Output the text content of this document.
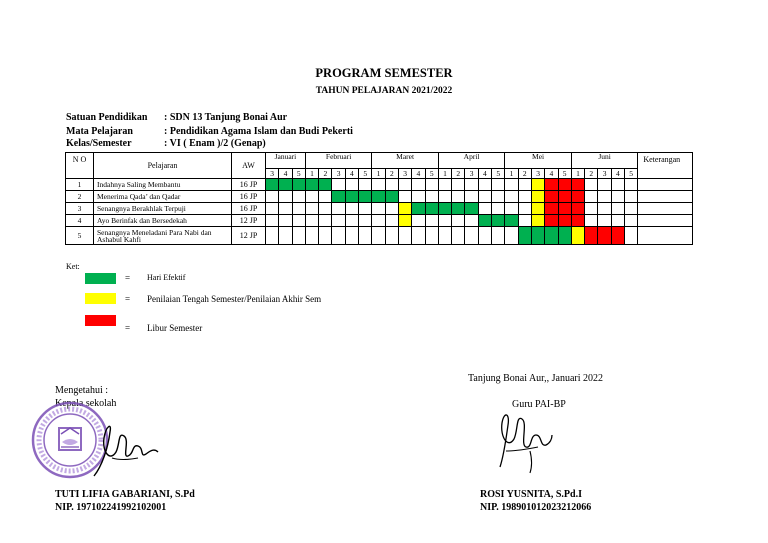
PROGRAM SEMESTER
TAHUN PELAJARAN 2021/2022
Satuan Pendidikan : SDN 13 Tanjung Bonai Aur
Mata Pelajaran	: Pendidikan Agama Islam dan Budi Pekerti
Kelas/Semester	: VI ( Enam )/2 (Genap)
N O	Pelajaran	AW	Januari			Februari					Maret					April					Mei					Juni					Keterangan
			3	4	5	1	2	3	4	5	1	2	3	4	5	1	2	3	4	5	1	2	3	4	5	1	2	3	4	5	
1	Indahnya Saling Membantu	16 JP																													
2	Menerima Qada’ dan Qadar	16 JP																													
3	Senangnya Berakhlak Terpuji	16 JP																													
4	Ayo Berinfak dan Bersedekah	12 JP																													
5	Senangnya Meneladani Para Nabi dan Ashabul Kahfi	12 JP																													
Ket:
= Hari Efektif
= Penilaian Tengah Semester/Penilaian Akhir Sem
= Libur Semester
Mengetahui :
Kepala sekolah
TUTI LIFIA GABARIANI, S.Pd
NIP. 197102241992102001
Tanjung Bonai Aur,, Januari 2022
Guru PAI-BP
ROSI YUSNITA, S.Pd.I
NIP. 198901012023212066
